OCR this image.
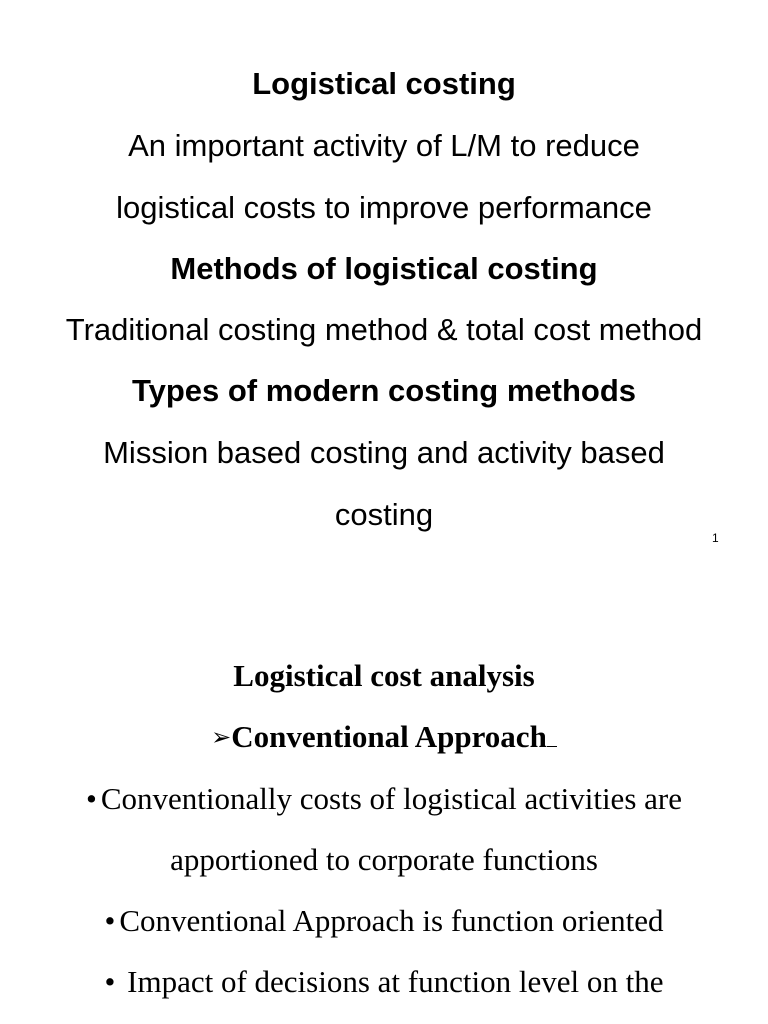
Logistical costing
An important activity of L/M to reduce
logistical costs to improve performance
Methods of logistical costing
Traditional costing method & total cost method
Types of modern costing methods
Mission based costing and activity based
costing
1
Logistical cost analysis
➢Conventional Approach
• Conventionally costs of logistical activities are
apportioned to corporate functions
• Conventional Approach is function oriented
• Impact of decisions at function level on the
